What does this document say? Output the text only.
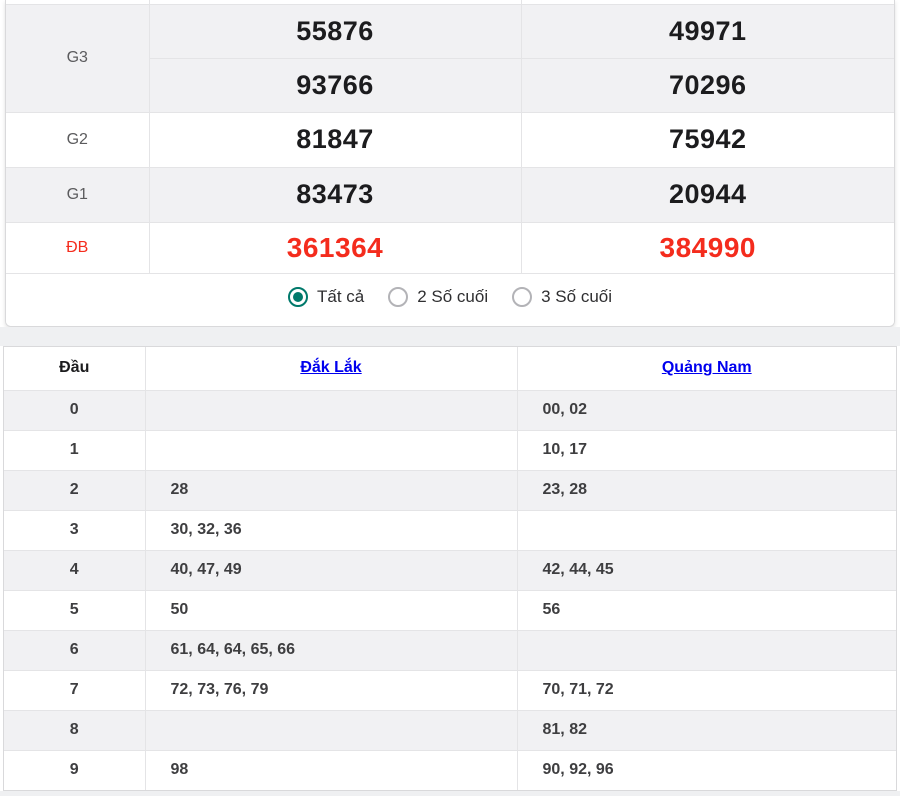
G3	55876	49971
	93766	70296
G2	81847	75942
G1	83473	20944
ĐB	361364	384990

Tất cả 2 Số cuối 3 Số cuối		
Đầu	Đắk Lắk	Quảng Nam
0		00, 02
1		10, 17
2	28	23, 28
3	30, 32, 36	
4	40, 47, 49	42, 44, 45
5	50	56
6	61, 64, 64, 65, 66	
7	72, 73, 76, 79	70, 71, 72
8		81, 82
9	98	90, 92, 96
